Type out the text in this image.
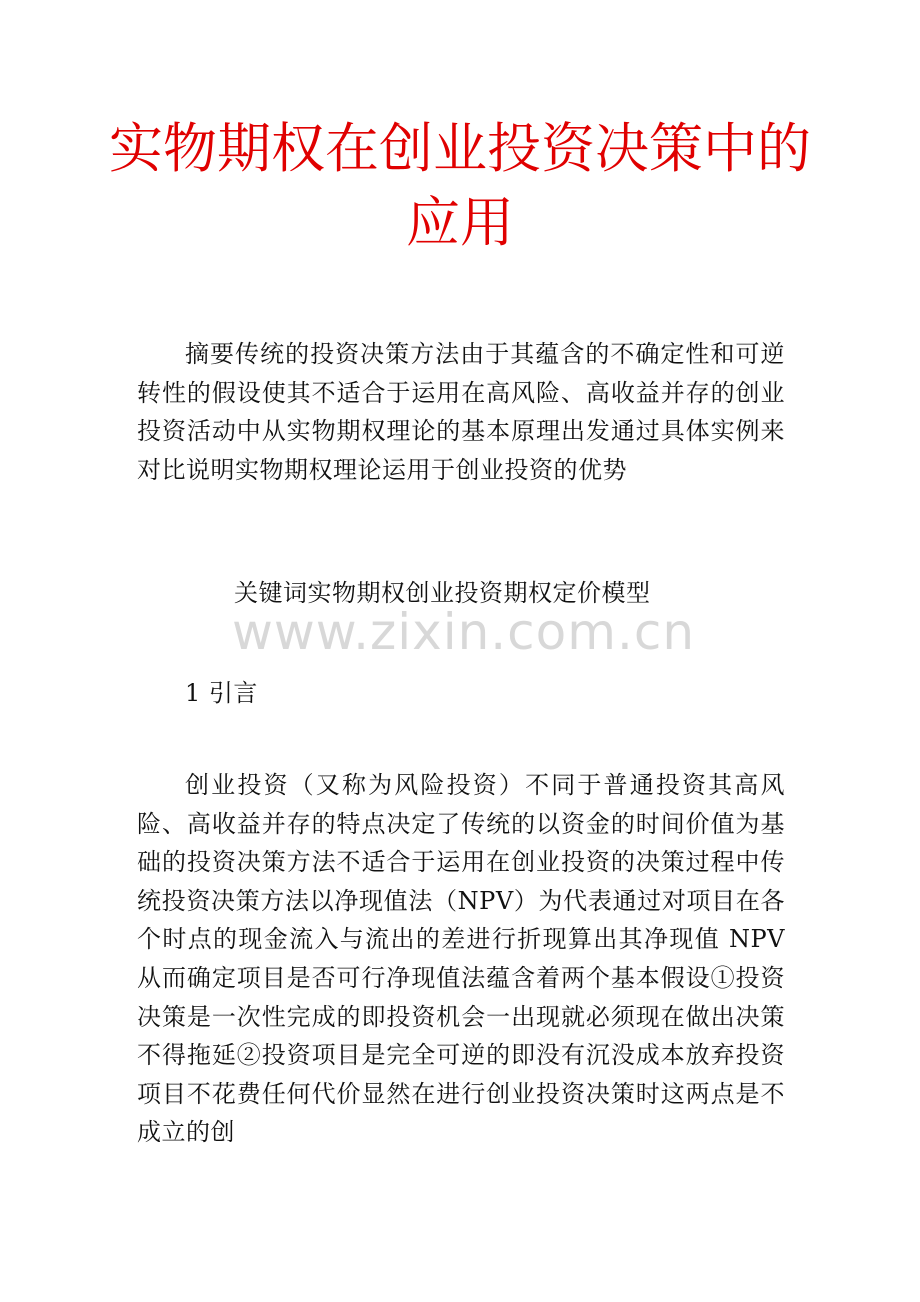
实物期权在创业投资决策中的应用

摘要传统的投资决策方法由于其蕴含的不确定性和可逆转性的假设使其不适合于运用在高风险、高收益并存的创业投资活动中从实物期权理论的基本原理出发通过具体实例来对比说明实物期权理论运用于创业投资的优势

关键词实物期权创业投资期权定价模型

www.zixin.com.cn

1 引言

创业投资（又称为风险投资）不同于普通投资其高风险、高收益并存的特点决定了传统的以资金的时间价值为基础的投资决策方法不适合于运用在创业投资的决策过程中传统投资决策方法以净现值法（NPV）为代表通过对项目在各个时点的现金流入与流出的差进行折现算出其净现值 NPV 从而确定项目是否可行净现值法蕴含着两个基本假设①投资决策是一次性完成的即投资机会一出现就必须现在做出决策不得拖延②投资项目是完全可逆的即没有沉没成本放弃投资项目不花费任何代价显然在进行创业投资决策时这两点是不成立的创
